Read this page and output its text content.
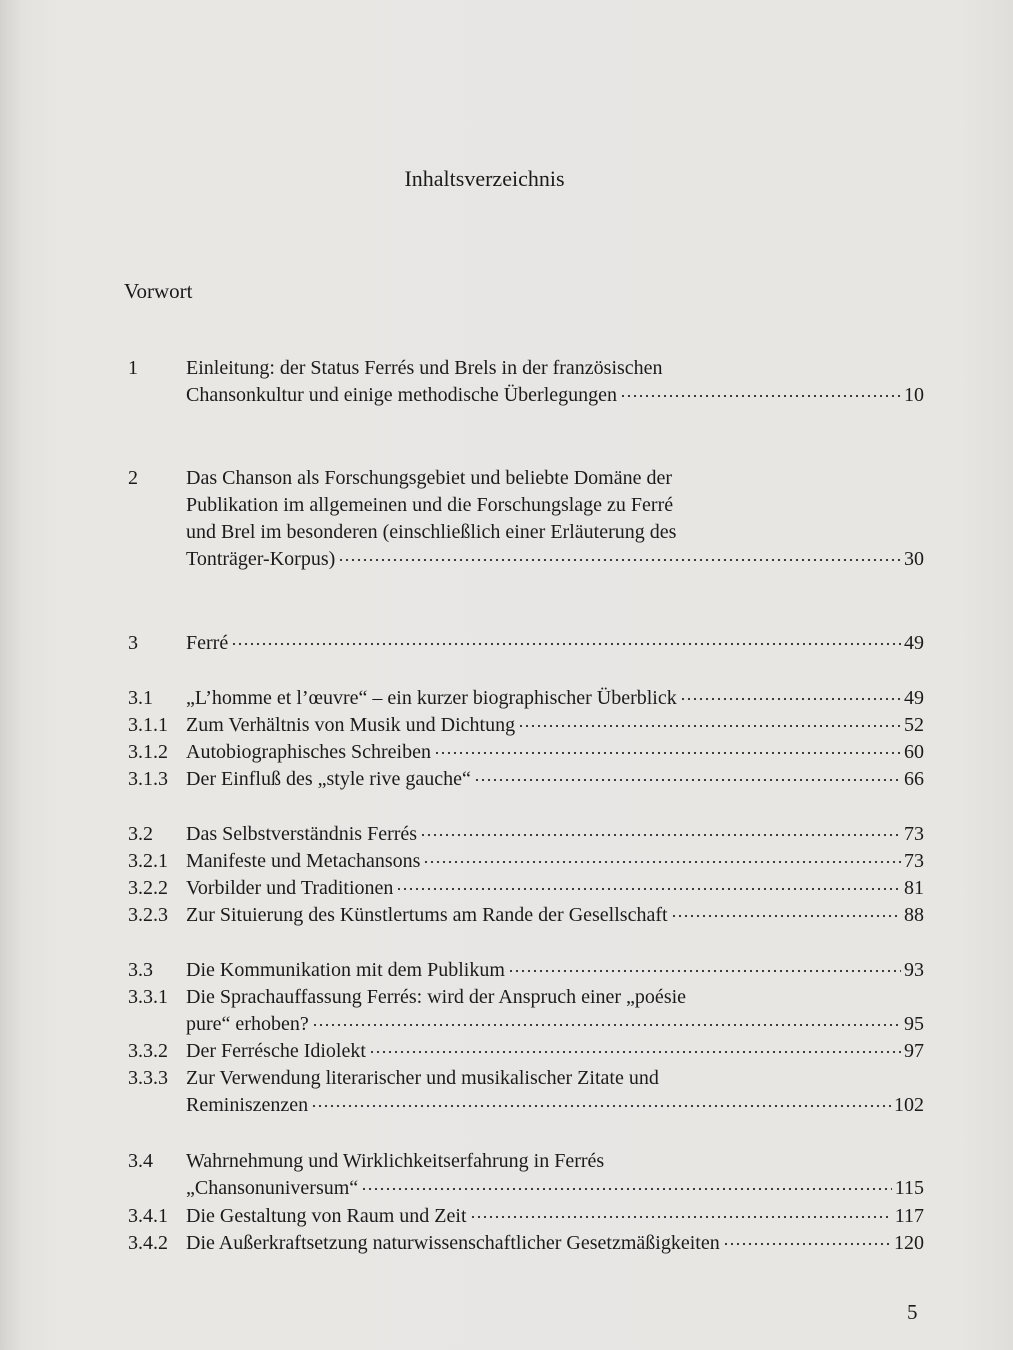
Inhaltsverzeichnis
Vorwort
1 Einleitung: der Status Ferrés und Brels in der französischen
Chansonkultur und einige methodische Überlegungen	10
2 Das Chanson als Forschungsgebiet und beliebte Domäne der
Publikation im allgemeinen und die Forschungslage zu Ferré
und Brel im besonderen (einschließlich einer Erläuterung des
Tonträger-Korpus)	30
3 Ferré	49
3.1 „L’homme et l’œuvre“ – ein kurzer biographischer Überblick	49
3.1.1 Zum Verhältnis von Musik und Dichtung	52
3.1.2 Autobiographisches Schreiben	60
3.1.3 Der Einfluß des „style rive gauche“	66
3.2 Das Selbstverständnis Ferrés	73
3.2.1 Manifeste und Metachansons	73
3.2.2 Vorbilder und Traditionen	81
3.2.3 Zur Situierung des Künstlertums am Rande der Gesellschaft	88
3.3 Die Kommunikation mit dem Publikum	93
3.3.1 Die Sprachauffassung Ferrés: wird der Anspruch einer „poésie
pure“ erhoben?	95
3.3.2 Der Ferrésche Idiolekt	97
3.3.3 Zur Verwendung literarischer und musikalischer Zitate und
Reminiszenzen	102
3.4 Wahrnehmung und Wirklichkeitserfahrung in Ferrés
„Chansonuniversum“	115
3.4.1 Die Gestaltung von Raum und Zeit	117
3.4.2 Die Außerkraftsetzung naturwissenschaftlicher Gesetzmäßigkeiten	120
5
